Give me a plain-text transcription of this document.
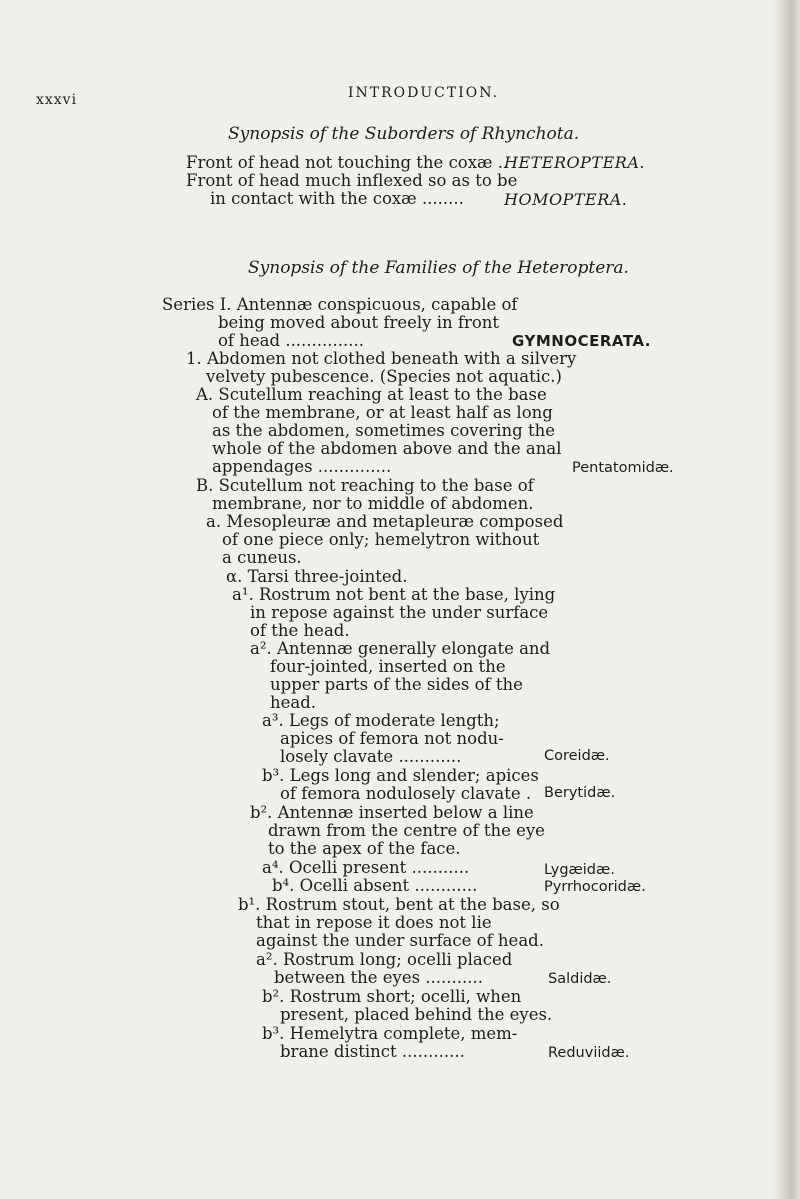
xxxvi	INTRODUCTION.
Synopsis of the Suborders of Rhynchota.
Front of head not touching the coxæ ..
Front of head much inflexed so as to be
in contact with the coxæ ........
HETEROPTERA.
HOMOPTERA.
Synopsis of the Families of the Heteroptera.
Series I. Antennæ conspicuous, capable of
being moved about freely in front
of head ...............
1. Abdomen not clothed beneath with a silvery
velvety pubescence. (Species not aquatic.)
A. Scutellum reaching at least to the base
of the membrane, or at least half as long
as the abdomen, sometimes covering the
whole of the abdomen above and the anal
appendages ..............
B. Scutellum not reaching to the base of
membrane, nor to middle of abdomen.
a. Mesopleuræ and metapleuræ composed
of one piece only; hemelytron without
a cuneus.
α. Tarsi three-jointed.
a¹. Rostrum not bent at the base, lying
in repose against the under surface
of the head.
a². Antennæ generally elongate and
four-jointed, inserted on the
upper parts of the sides of the
head.
a³. Legs of moderate length;
apices of femora not nodu-
losely clavate ............
b³. Legs long and slender; apices
of femora nodulosely clavate .
b². Antennæ inserted below a line
drawn from the centre of the eye
to the apex of the face.
a⁴. Ocelli present ...........
b⁴. Ocelli absent ............
b¹. Rostrum stout, bent at the base, so
that in repose it does not lie
against the under surface of head.
a². Rostrum long; ocelli placed
between the eyes ...........
b². Rostrum short; ocelli, when
present, placed behind the eyes.
b³. Hemelytra complete, mem-
brane distinct ............
GYMNOCERATA.
Pentatomidæ.
Coreidæ.
Berytidæ.
Lygæidæ.
Pyrrhocoridæ.
Saldidæ.
Reduviidæ.
